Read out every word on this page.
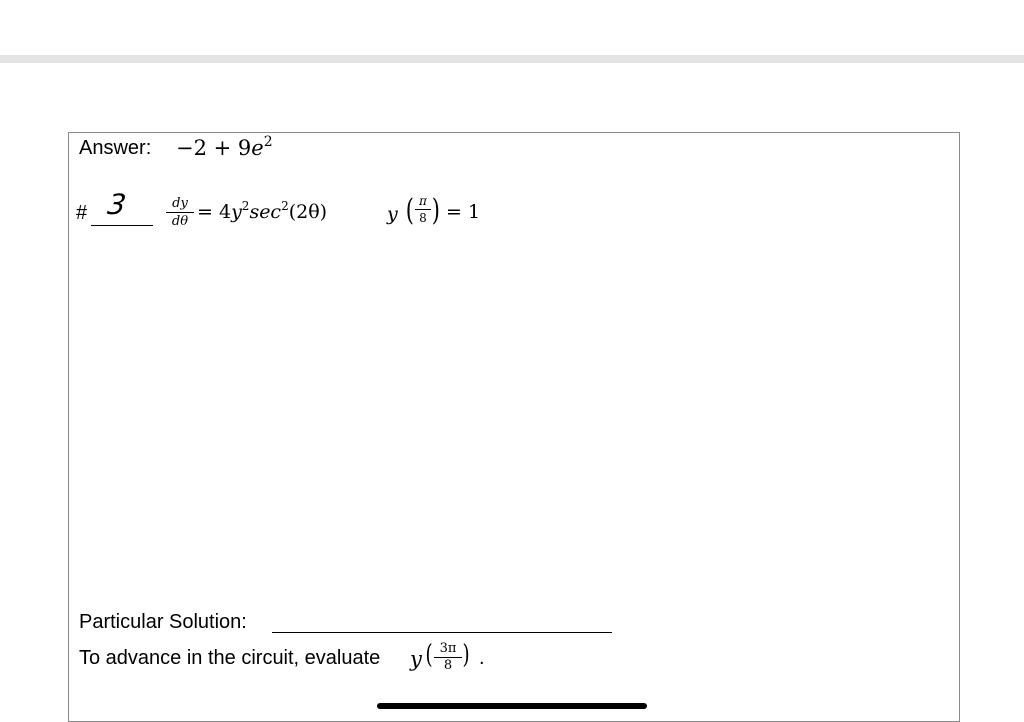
Answer: $-2 + 9e^2$
# 3	dy
$d\theta = 4y^2\sec^2(2\theta)$	y ( π
8 ) = 1
Particular Solution:
To advance in the circuit, evaluate y ( 3π
8 ) .
